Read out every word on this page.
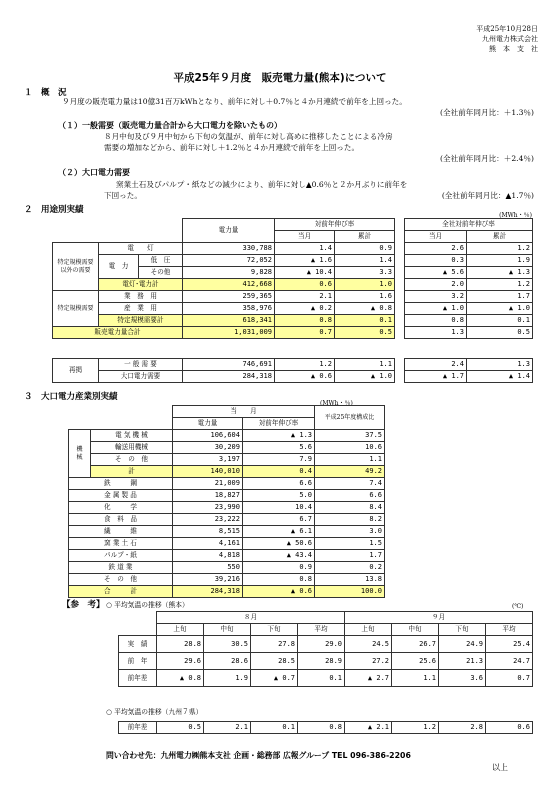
平成25年10月28日
九州電力株式会社
熊　本　支　社
平成25年９月度　販売電力量(熊本)について
１　概　況
９月度の販売電力量は10億31百万kWhとなり、前年に対し＋0.7％と４か月連続で前年を上回った。
(全社前年同月比：＋1.3％)
（１）一般需要（販売電力量合計から大口電力を除いたもの）
８月中旬及び９月中旬から下旬の気温が、前年に対し高めに推移したことによる冷房
需要の増加などから、前年に対し＋1.2％と４か月連続で前年を上回った。
(全社前年同月比：＋2.4％)
（２）大口電力需要
窯業土石及びパルプ・紙などの減少により、前年に対し▲0.6％と２か月ぶりに前年を
下回った。	(全社前年同月比：▲1.7％)
２　用途別実績
(MWh・％)
			電力量	対前年伸び率			全社対前年伸び率	
				当月	累計		当月	累計
特定規模需要以外の需要	電　　灯		330,788	1.4	0.9		2.6	1.2
	電　力	低　圧	72,052	▲ 1.6	1.4		0.3	1.9
		その他	9,828	▲ 10.4	3.3		▲ 5.6	▲ 1.3
	電灯･電力計		412,668	0.6	1.0		2.0	1.2
特定規模需要	業　務　用		259,365	2.1	1.6		3.2	1.7
	産　業　用		358,976	▲ 0.2	▲ 0.8		▲ 1.0	▲ 1.0
	特定規模需要計		618,341	0.8	0.1		0.8	0.1
販売電力量合計			1,031,009	0.7	0.5		1.3	0.5
再掲	一 般 需 要	746,691	1.2	1.1		2.4	1.3
	大口電力需要	284,318	▲ 0.6	▲ 1.0		▲ 1.7	▲ 1.4
３　大口電力産業別実績
(MWh・％)
		当　　月		平成25年度構成比
		電力量	対前年伸び率	
機　　械	電 気 機 械	106,604	▲ 1.3	37.5
	輸送用機械	30,209	5.6	10.6
	そ　の　他	3,197	7.9	1.1
	計	140,010	0.4	49.2
鉄　　　鋼		21,009	6.6	7.4
金 属 製 品		18,827	5.0	6.6
化　　　学		23,990	10.4	8.4
食　料　品		23,222	6.7	8.2
繊　　　維		8,515	▲ 6.1	3.0
窯 業 土 石		4,161	▲ 50.6	1.5
パルプ・紙		4,818	▲ 43.4	1.7
鉄 道 業		550	0.9	0.2
そ　の　他		39,216	0.8	13.8
合　　　計		284,318	▲ 0.6	100.0
【参　考】 ○ 平均気温の推移（熊本）	(℃)
	８月				９月			
	上旬	中旬	下旬	平均	上旬	中旬	下旬	平均
実　績	28.8	30.5	27.8	29.0	24.5	26.7	24.9	25.4
前　年	29.6	28.6	28.5	28.9	27.2	25.6	21.3	24.7
前年差	▲ 0.8	1.9	▲ 0.7	0.1	▲ 2.7	1.1	3.6	0.7
○ 平均気温の推移（九州７県）
前年差	0.5	2.1	0.1	0.8	▲ 2.1	1.2	2.8	0.6
問い合わせ先：九州電力㈱熊本支社 企画・総務部 広報グループ TEL 096-386-2206
以上
